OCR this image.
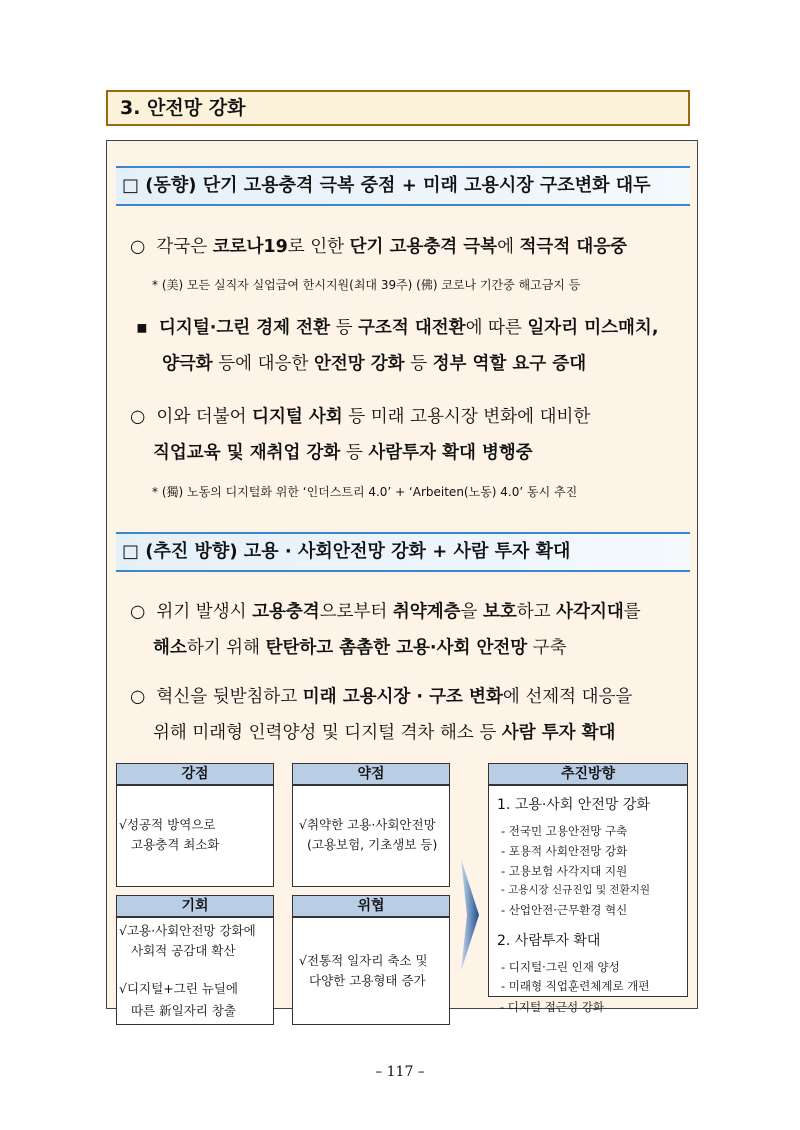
3. 안전망 강화
□ (동향) 단기 고용충격 극복 중점 + 미래 고용시장 구조변화 대두
○ 각국은 코로나19로 인한 단기 고용충격 극복에 적극적 대응중
* (美) 모든 실직자 실업급여 한시지원(최대 39주) (佛) 코로나 기간중 해고금지 등
▪ 디지털·그린 경제 전환 등 구조적 대전환에 따른 일자리 미스매치,
양극화 등에 대응한 안전망 강화 등 정부 역할 요구 증대
○ 이와 더불어 디지털 사회 등 미래 고용시장 변화에 대비한
직업교육 및 재취업 강화 등 사람투자 확대 병행중
* (獨) 노동의 디지털화 위한 ‘인더스트리 4.0’ + ‘Arbeiten(노동) 4.0’ 동시 추진
□ (추진 방향) 고용 · 사회안전망 강화 + 사람 투자 확대
○ 위기 발생시 고용충격으로부터 취약계층을 보호하고 사각지대를
해소하기 위해 탄탄하고 촘촘한 고용·사회 안전망 구축
○ 혁신을 뒷받침하고 미래 고용시장 · 구조 변화에 선제적 대응을
위해 미래형 인력양성 및 디지털 격차 해소 등 사람 투자 확대
강점
√성공적 방역으로
고용충격 최소화
약점
√취약한 고용·사회안전망
(고용보험, 기초생보 등)
기회
√고용·사회안전망 강화에
사회적 공감대 확산
√디지털+그린 뉴딜에
따른 新일자리 창출
위협
√전통적 일자리 축소 및
다양한 고용형태 증가
추진방향
1. 고용·사회 안전망 강화
- 전국민 고용안전망 구축
- 포용적 사회안전망 강화
- 고용보험 사각지대 지원
- 고용시장 신규진입 및 전환지원
- 산업안전·근무환경 혁신
2. 사람투자 확대
- 디지털·그린 인재 양성
- 미래형 직업훈련체계로 개편
- 디지털 접근성 강화
– 117 –
